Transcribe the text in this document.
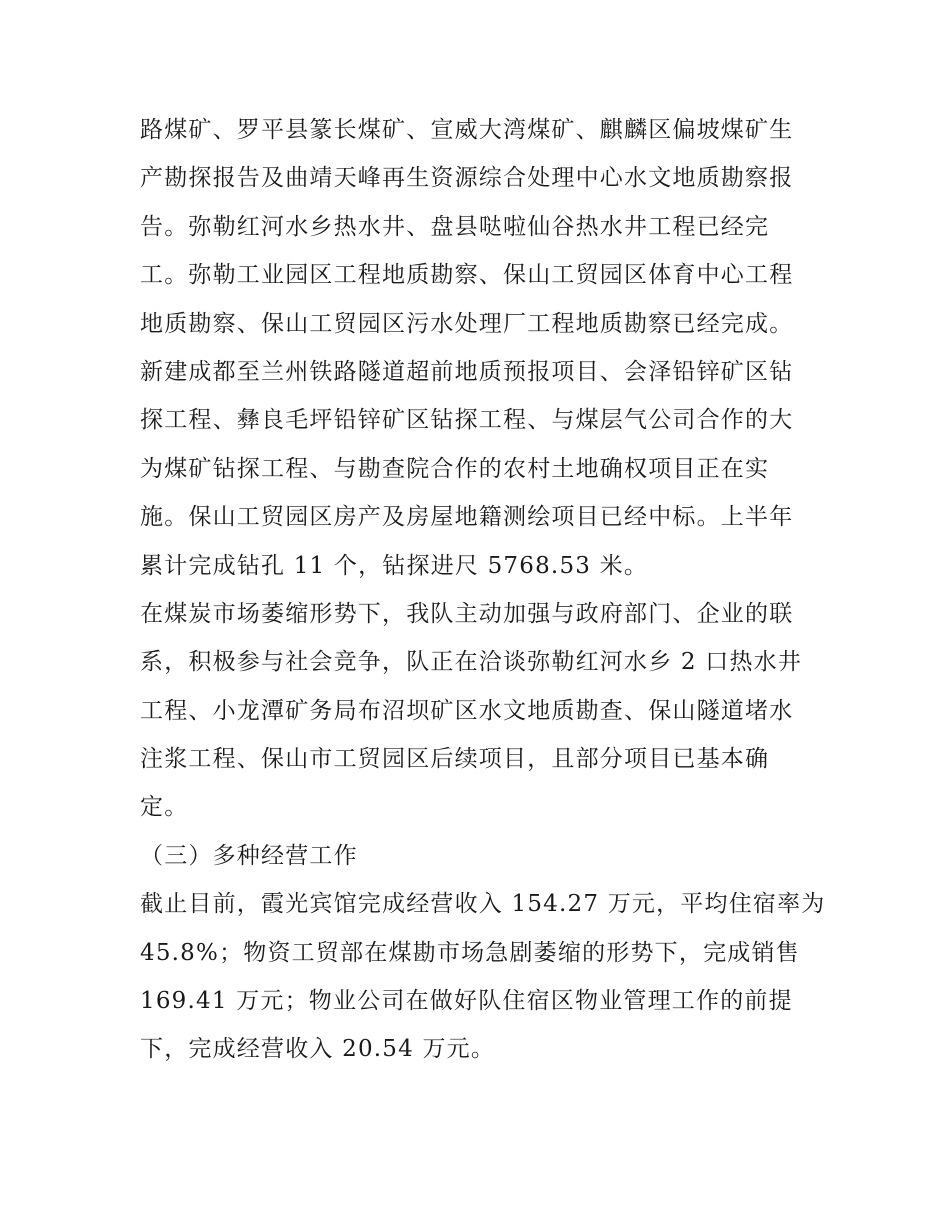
路煤矿、罗平县篆长煤矿、宣威大湾煤矿、麒麟区偏坡煤矿生
产勘探报告及曲靖天峰再生资源综合处理中心水文地质勘察报
告。弥勒红河水乡热水井、盘县哒啦仙谷热水井工程已经完
工。弥勒工业园区工程地质勘察、保山工贸园区体育中心工程
地质勘察、保山工贸园区污水处理厂工程地质勘察已经完成。
新建成都至兰州铁路隧道超前地质预报项目、会泽铅锌矿区钻
探工程、彝良毛坪铅锌矿区钻探工程、与煤层气公司合作的大
为煤矿钻探工程、与勘查院合作的农村土地确权项目正在实
施。保山工贸园区房产及房屋地籍测绘项目已经中标。上半年
累计完成钻孔 11 个，钻探进尺 5768.53 米。
在煤炭市场萎缩形势下，我队主动加强与政府部门、企业的联
系，积极参与社会竞争，队正在洽谈弥勒红河水乡 2 口热水井
工程、小龙潭矿务局布沼坝矿区水文地质勘查、保山隧道堵水
注浆工程、保山市工贸园区后续项目，且部分项目已基本确
定。
（三）多种经营工作
截止目前，霞光宾馆完成经营收入 154.27 万元，平均住宿率为
45.8%；物资工贸部在煤勘市场急剧萎缩的形势下，完成销售
169.41 万元；物业公司在做好队住宿区物业管理工作的前提
下，完成经营收入 20.54 万元。
